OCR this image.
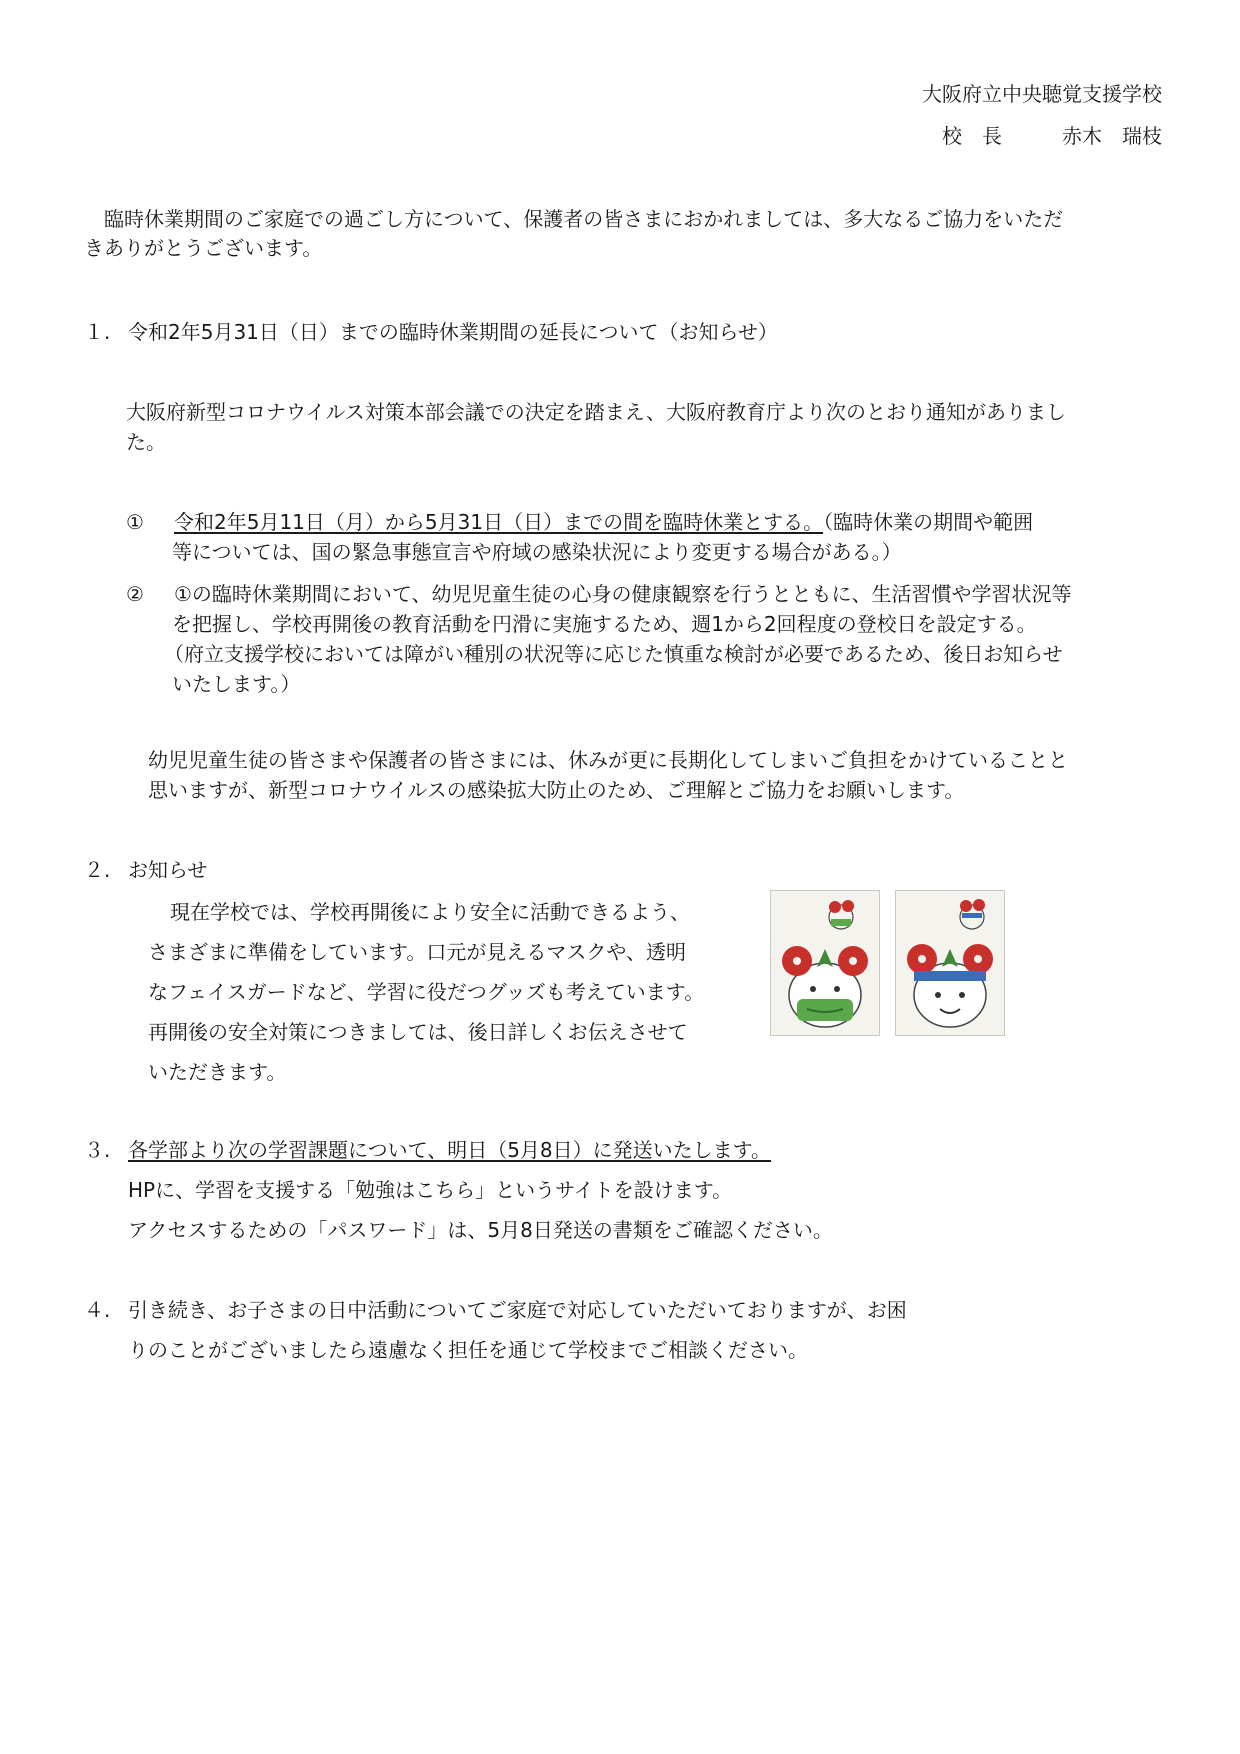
大阪府立中央聴覚支援学校
校　長　　　赤木　瑞枝
臨時休業期間のご家庭での過ごし方について、保護者の皆さまにおかれましては、多大なるご協力をいただ
きありがとうございます。
１. 令和2年5月31日（日）までの臨時休業期間の延長について（お知らせ）
大阪府新型コロナウイルス対策本部会議での決定を踏まえ、大阪府教育庁より次のとおり通知がありまし
た。
① 令和2年5月11日（月）から5月31日（日）までの間を臨時休業とする。（臨時休業の期間や範囲
等については、国の緊急事態宣言や府域の感染状況により変更する場合がある。）
② ①の臨時休業期間において、幼児児童生徒の心身の健康観察を行うとともに、生活習慣や学習状況等
を把握し、学校再開後の教育活動を円滑に実施するため、週1から2回程度の登校日を設定する。
（府立支援学校においては障がい種別の状況等に応じた慎重な検討が必要であるため、後日お知らせ
いたします。）
幼児児童生徒の皆さまや保護者の皆さまには、休みが更に長期化してしまいご負担をかけていることと
思いますが、新型コロナウイルスの感染拡大防止のため、ご理解とご協力をお願いします。
２. お知らせ
現在学校では、学校再開後により安全に活動できるよう、
さまざまに準備をしています。口元が見えるマスクや、透明
なフェイスガードなど、学習に役だつグッズも考えています。
再開後の安全対策につきましては、後日詳しくお伝えさせて
いただきます。
３. 各学部より次の学習課題について、明日（5月8日）に発送いたします。
HPに、学習を支援する「勉強はこちら」というサイトを設けます。
アクセスするための「パスワード」は、5月8日発送の書類をご確認ください。
４. 引き続き、お子さまの日中活動についてご家庭で対応していただいておりますが、お困
りのことがございましたら遠慮なく担任を通じて学校までご相談ください。
